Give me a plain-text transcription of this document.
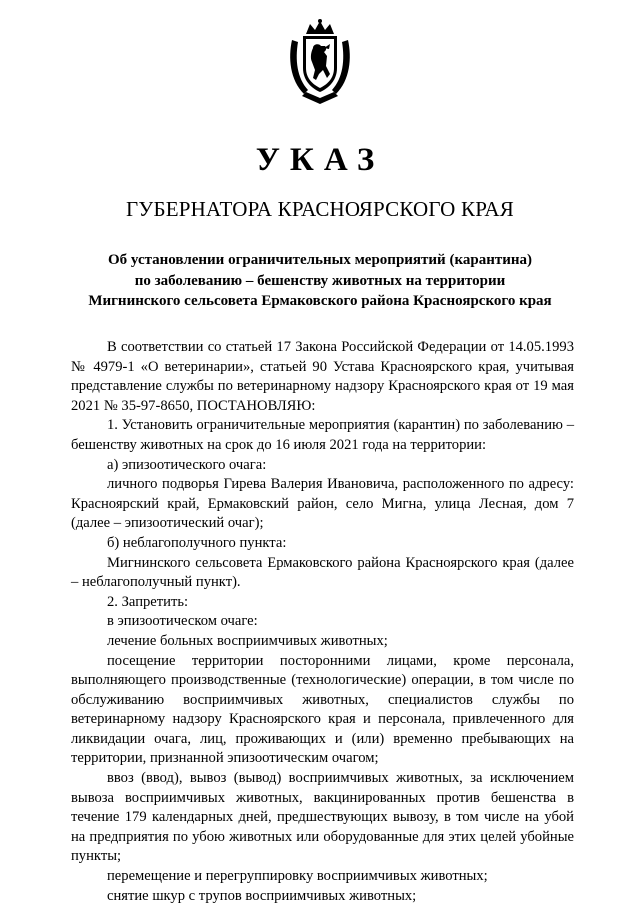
УКАЗ
ГУБЕРНАТОРА КРАСНОЯРСКОГО КРАЯ
Об установлении ограничительных мероприятий (карантина)
по заболеванию – бешенству животных на территории
Мигнинского сельсовета Ермаковского района Красноярского края

В соответствии со статьей 17 Закона Российской Федерации от 14.05.1993 № 4979-1 «О ветеринарии», статьей 90 Устава Красноярского края, учитывая представление службы по ветеринарному надзору Красноярского края от 19 мая 2021 № 35-97-8650, ПОСТАНОВЛЯЮ:

1. Установить ограничительные мероприятия (карантин) по заболеванию – бешенству животных на срок до 16 июля 2021 года на территории:

а) эпизоотического очага:

личного подворья Гирева Валерия Ивановича, расположенного по адресу: Красноярский край, Ермаковский район, село Мигна, улица Лесная, дом 7 (далее – эпизоотический очаг);

б) неблагополучного пункта:

Мигнинского сельсовета Ермаковского района Красноярского края (далее – неблагополучный пункт).

2. Запретить:

в эпизоотическом очаге:

лечение больных восприимчивых животных;

посещение территории посторонними лицами, кроме персонала, выполняющего производственные (технологические) операции, в том числе по обслуживанию восприимчивых животных, специалистов службы по ветеринарному надзору Красноярского края и персонала, привлеченного для ликвидации очага, лиц, проживающих и (или) временно пребывающих на территории, признанной эпизоотическим очагом;

ввоз (ввод), вывоз (вывод) восприимчивых животных, за исключением вывоза восприимчивых животных, вакцинированных против бешенства в течение 179 календарных дней, предшествующих вывозу, в том числе на убой на предприятия по убою животных или оборудованные для этих целей убойные пункты;

перемещение и перегруппировку восприимчивых животных;

снятие шкур с трупов восприимчивых животных;
